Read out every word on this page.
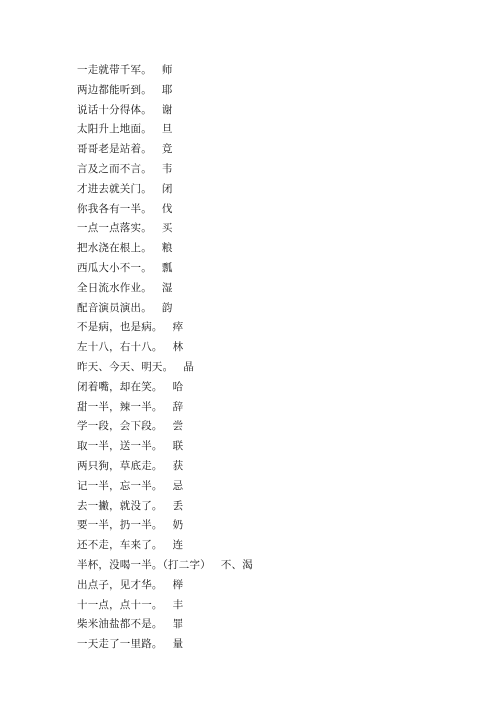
一走就带千军。 师
两边都能听到。 耶
说话十分得体。 谢
太阳升上地面。 旦
哥哥老是站着。 竞
言及之而不言。 韦
才进去就关门。 闭
你我各有一半。 伐
一点一点落实。 买
把水浇在根上。 粮
西瓜大小不一。 瓢
全日流水作业。 湿
配音演员演出。 韵
不是病，也是病。 瘁
左十八，右十八。 林
昨天、今天、明天。 晶
闭着嘴，却在笑。 哈
甜一半，辣一半。 辞
学一段，会下段。 尝
取一半，送一半。 联
两只狗，草底走。 获
记一半，忘一半。 忌
去一撇，就没了。 丢
要一半，扔一半。 奶
还不走，车来了。 连
半杯，没喝一半。（打二字） 不、渴
出点子，见才华。 榉
十一点，点十一。 丰
柴米油盐都不是。 罪
一天走了一里路。 量
